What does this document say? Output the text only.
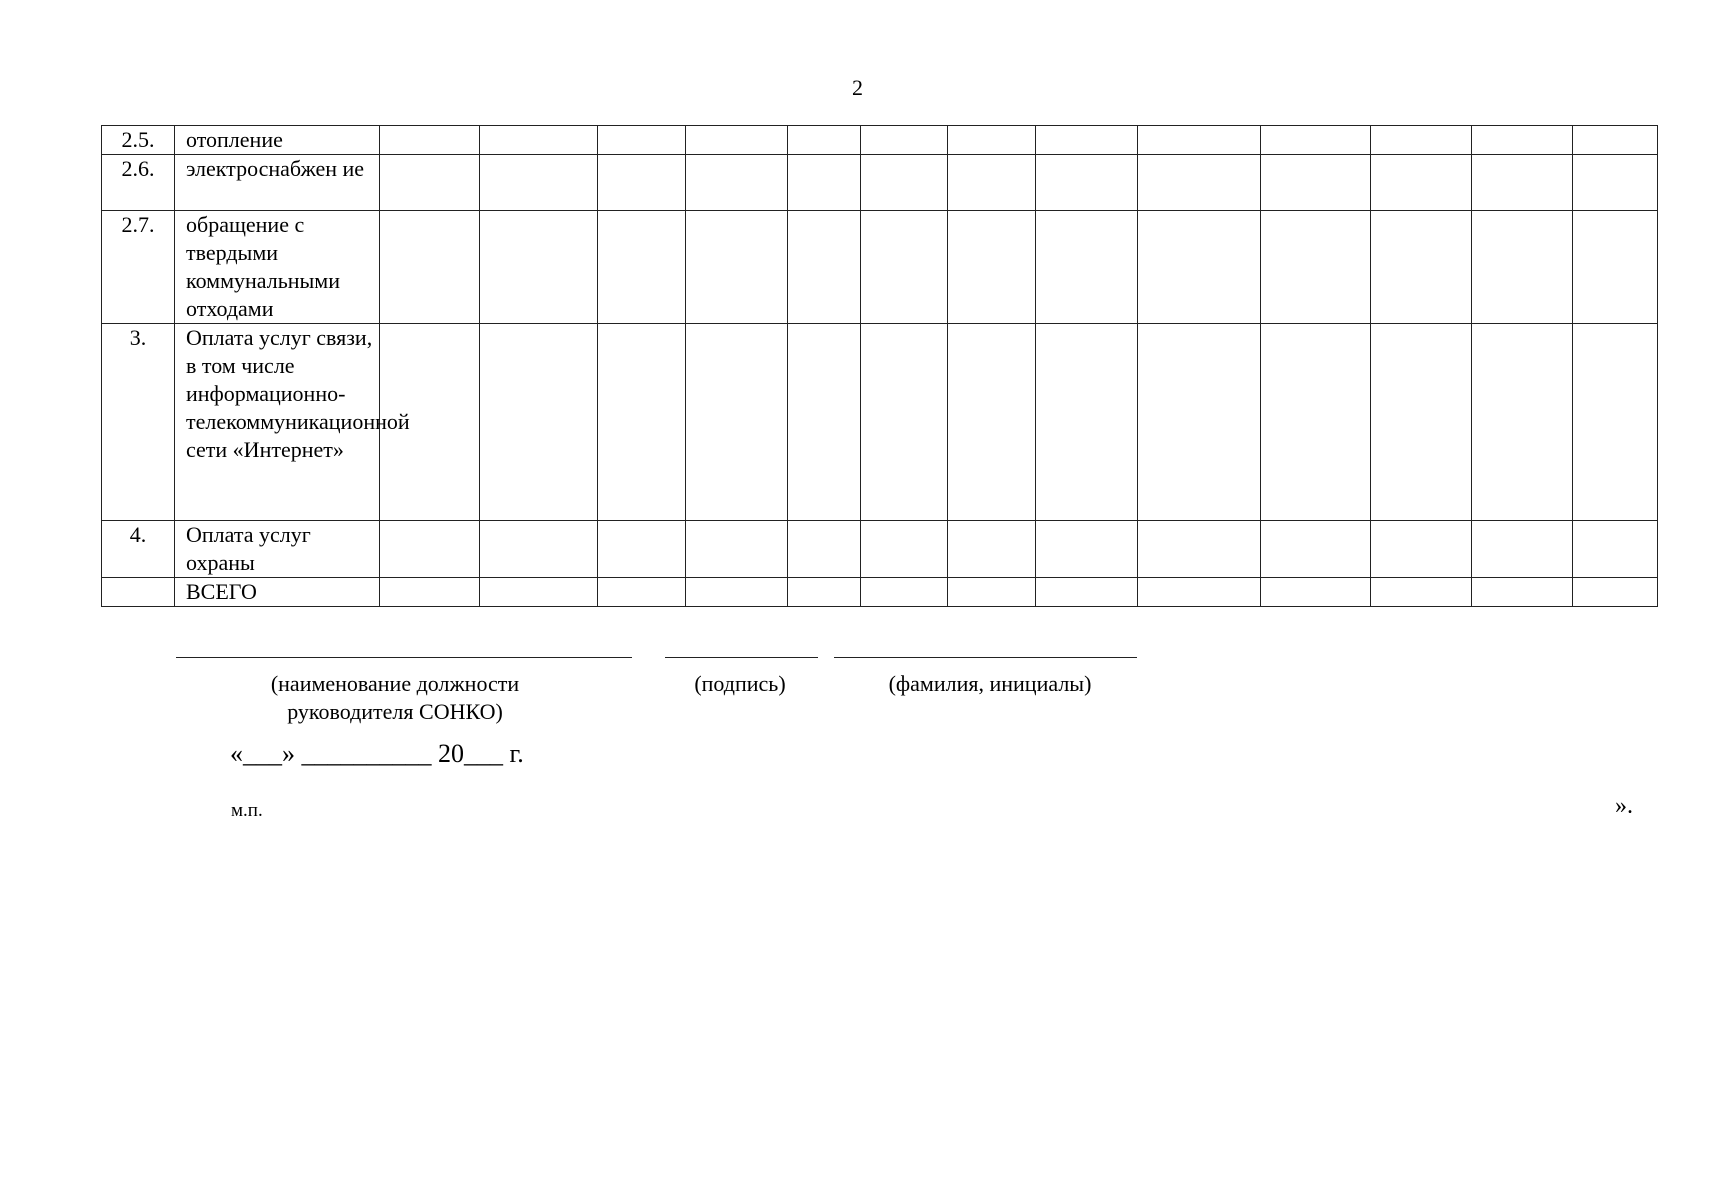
2
2.5.	отопление													
2.6.	электроснабжен ие													
2.7.	обращение с твердыми коммунальными отходами													
3.	Оплата услуг связи, в том числе информационно-телекоммуникационной сети «Интернет»													
4.	Оплата услуг охраны													
	ВСЕГО													
(наименование должности руководителя СОНКО)
(подпись)	(фамилия, инициалы)
«___» __________ 20___ г.
м.п.	».
